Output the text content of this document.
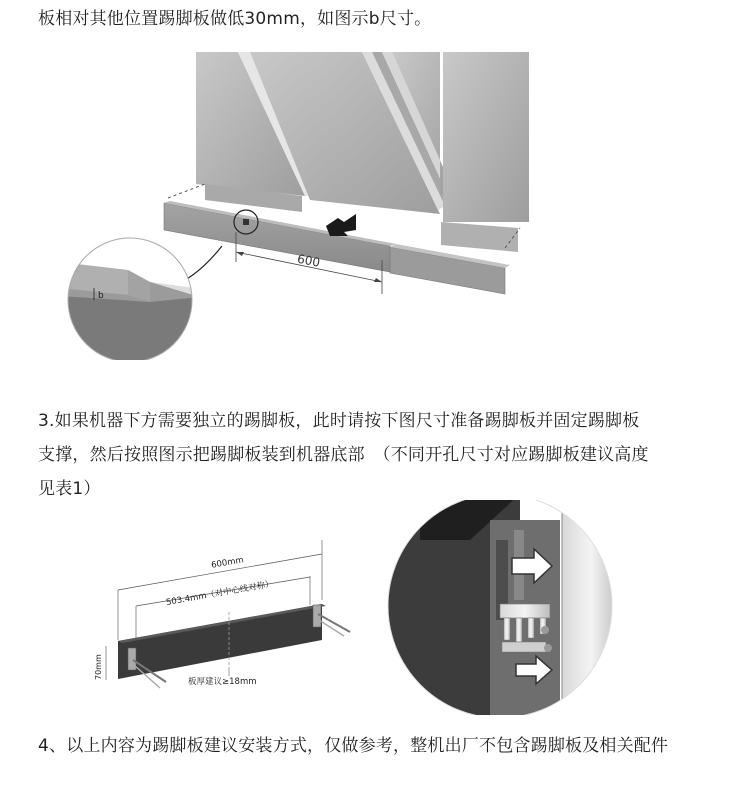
板相对其他位置踢脚板做低30mm，如图示b尺寸。

600
b
3.如果机器下方需要独立的踢脚板，此时请按下图尺寸准备踢脚板并固定踢脚板
支撑，然后按照图示把踢脚板装到机器底部　（不同开孔尺寸对应踢脚板建议高度
见表1）
600mm
503.4mm（对中心线对称）
70mm
板厚建议≥18mm

4、以上内容为踢脚板建议安装方式，仅做参考，整机出厂不包含踢脚板及相关配件
